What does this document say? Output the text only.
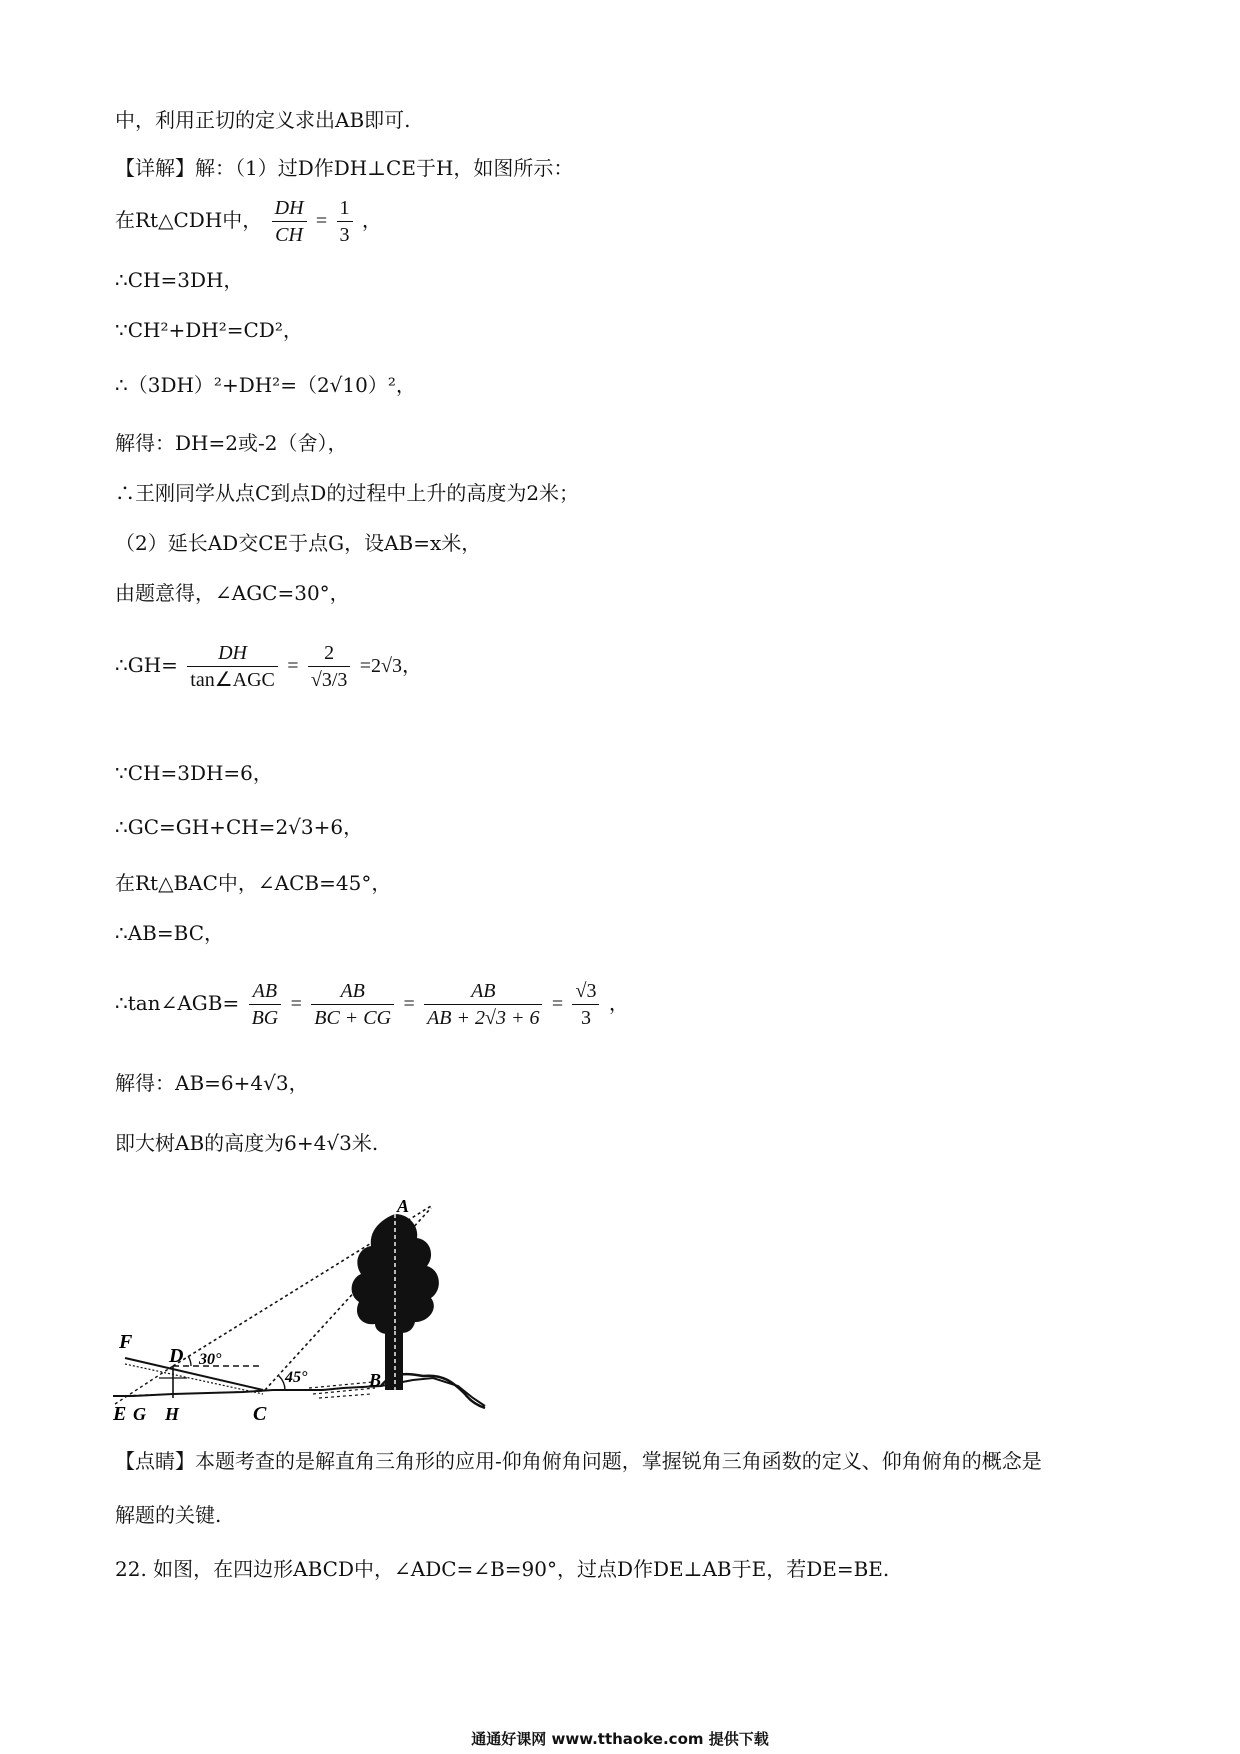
中，利用正切的定义求出AB即可.
【详解】解：（1）过D作DH⊥CE于H，如图所示：
在Rt△CDH中， $\frac{DH}{CH} = \frac{1}{3}$ ，
∴CH=3DH，
∵CH²+DH²=CD²，
∴（3DH）²+DH²=（2√10）²，
解得：DH=2或-2（舍），
∴王刚同学从点C到点D的过程中上升的高度为2米；
（2）延长AD交CE于点G，设AB=x米，
由题意得，∠AGC=30°，
∴GH= $\frac{DH}{\text{tan∠AGC}} = \frac{2}{√3/3} =2√3$，
∵CH=3DH=6，
∴GC=GH+CH=2√3+6，
在Rt△BAC中，∠ACB=45°，
∴AB=BC，
∴tan∠AGB= $\frac{AB}{BG} = \frac{AB}{BC + CG} = \frac{AB}{AB + 2√3 + 6} = \frac{√3}{3}$ ，
解得：AB=6+4√3，
即大树AB的高度为6+4√3米.
A
B
C
D
E
F
G H
30°
45°
【点睛】本题考查的是解直角三角形的应用-仰角俯角问题，掌握锐角三角函数的定义、仰角俯角的概念是
解题的关键.
22. 如图，在四边形ABCD中，∠ADC=∠B=90°，过点D作DE⊥AB于E，若DE=BE.
通通好课网 www.tthaoke.com 提供下载
